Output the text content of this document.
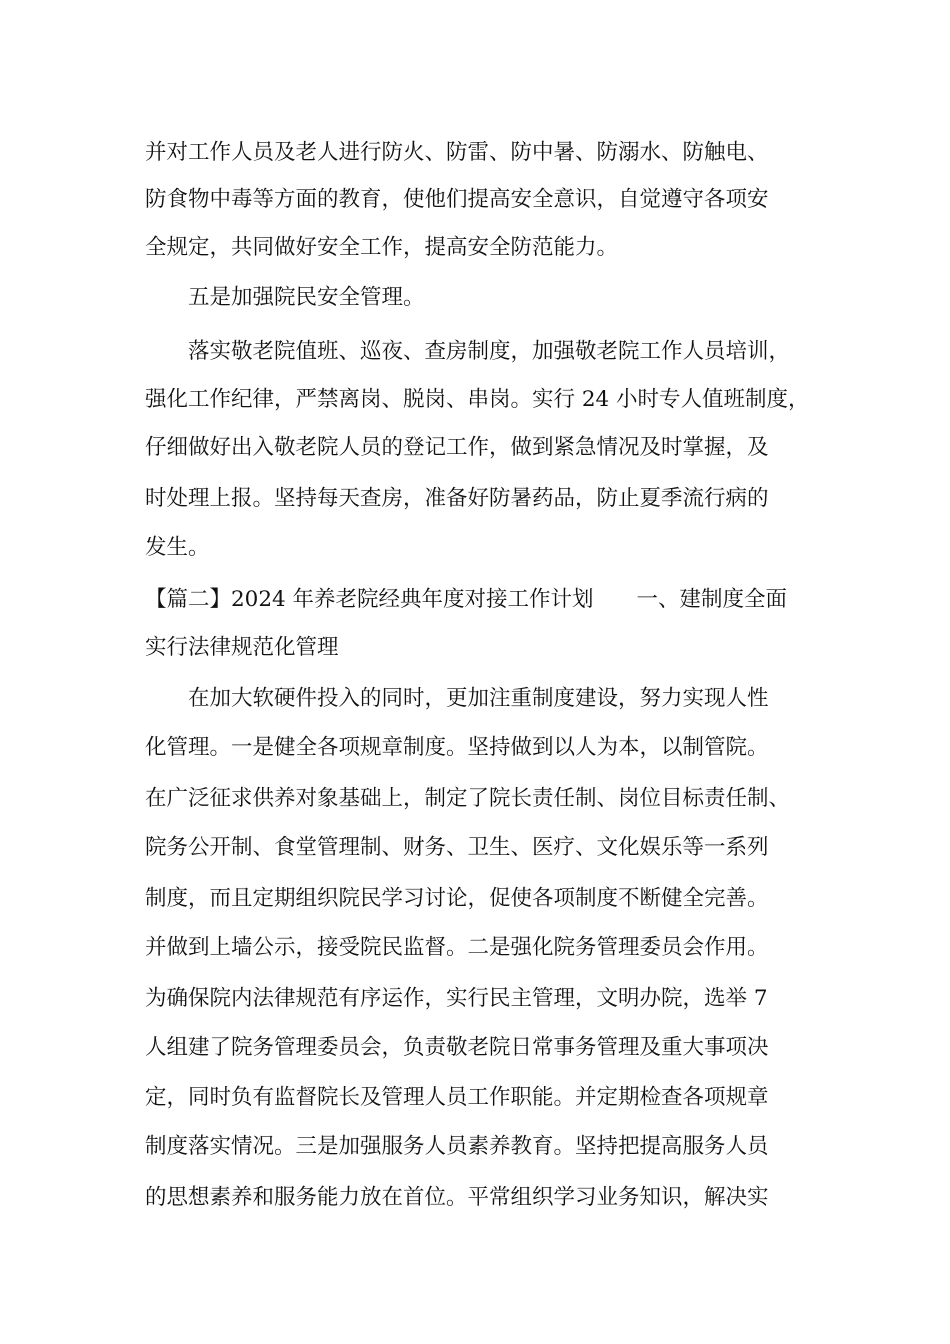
并对工作人员及老人进行防火、防雷、防中暑、防溺水、防触电、
防食物中毒等方面的教育，使他们提高安全意识，自觉遵守各项安
全规定，共同做好安全工作，提高安全防范能力。
五是加强院民安全管理。
落实敬老院值班、巡夜、查房制度，加强敬老院工作人员培训，
强化工作纪律，严禁离岗、脱岗、串岗。实行 24 小时专人值班制度，
仔细做好出入敬老院人员的登记工作，做到紧急情况及时掌握，及
时处理上报。坚持每天查房，准备好防暑药品，防止夏季流行病的
发生。
【篇二】2024 年养老院经典年度对接工作计划　　一、建制度全面
实行法律规范化管理
在加大软硬件投入的同时，更加注重制度建设，努力实现人性
化管理。一是健全各项规章制度。坚持做到以人为本，以制管院。
在广泛征求供养对象基础上，制定了院长责任制、岗位目标责任制、
院务公开制、食堂管理制、财务、卫生、医疗、文化娱乐等一系列
制度，而且定期组织院民学习讨论，促使各项制度不断健全完善。
并做到上墙公示，接受院民监督。二是强化院务管理委员会作用。
为确保院内法律规范有序运作，实行民主管理，文明办院，选举 7
人组建了院务管理委员会，负责敬老院日常事务管理及重大事项决
定，同时负有监督院长及管理人员工作职能。并定期检查各项规章
制度落实情况。三是加强服务人员素养教育。坚持把提高服务人员
的思想素养和服务能力放在首位。平常组织学习业务知识，解决实
